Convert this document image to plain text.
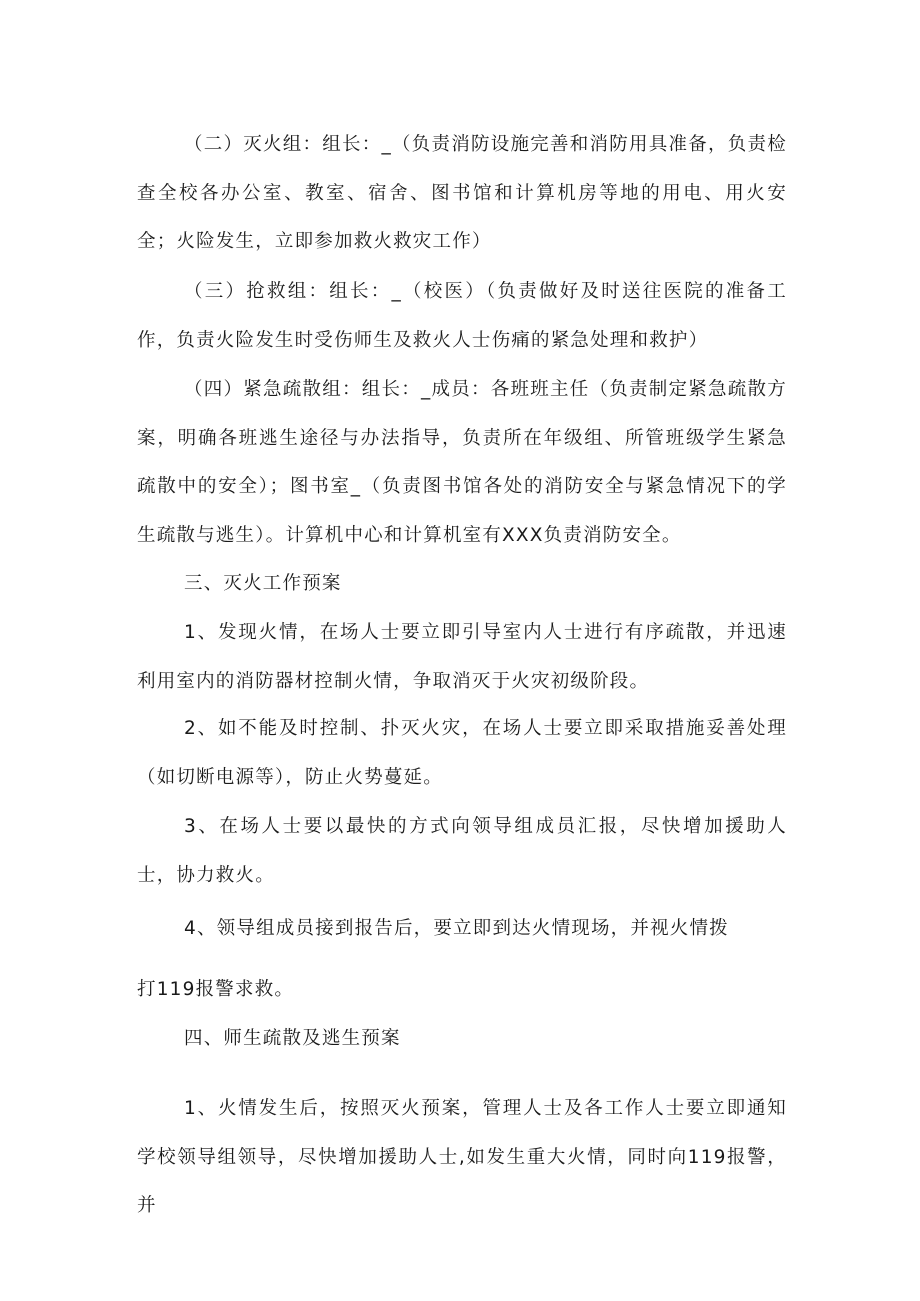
（二）灭火组：组长：_（负责消防设施完善和消防用具准备，负责检查全校各办公室、教室、宿舍、图书馆和计算机房等地的用电、用火安全；火险发生，立即参加救火救灾工作）

（三）抢救组：组长：_（校医）（负责做好及时送往医院的准备工作，负责火险发生时受伤师生及救火人士伤痛的紧急处理和救护）

（四）紧急疏散组：组长：_成员：各班班主任（负责制定紧急疏散方案，明确各班逃生途径与办法指导，负责所在年级组、所管班级学生紧急疏散中的安全）；图书室_（负责图书馆各处的消防安全与紧急情况下的学生疏散与逃生）。计算机中心和计算机室有XXX负责消防安全。

三、灭火工作预案

1、发现火情，在场人士要立即引导室内人士进行有序疏散，并迅速利用室内的消防器材控制火情，争取消灭于火灾初级阶段。

2、如不能及时控制、扑灭火灾，在场人士要立即采取措施妥善处理（如切断电源等），防止火势蔓延。

3、在场人士要以最快的方式向领导组成员汇报，尽快增加援助人士，协力救火。

4、领导组成员接到报告后，要立即到达火情现场，并视火情拨

打119报警求救。

四、师生疏散及逃生预案

1、火情发生后，按照灭火预案，管理人士及各工作人士要立即通知学校领导组领导，尽快增加援助人士,如发生重大火情，同时向119报警，并
